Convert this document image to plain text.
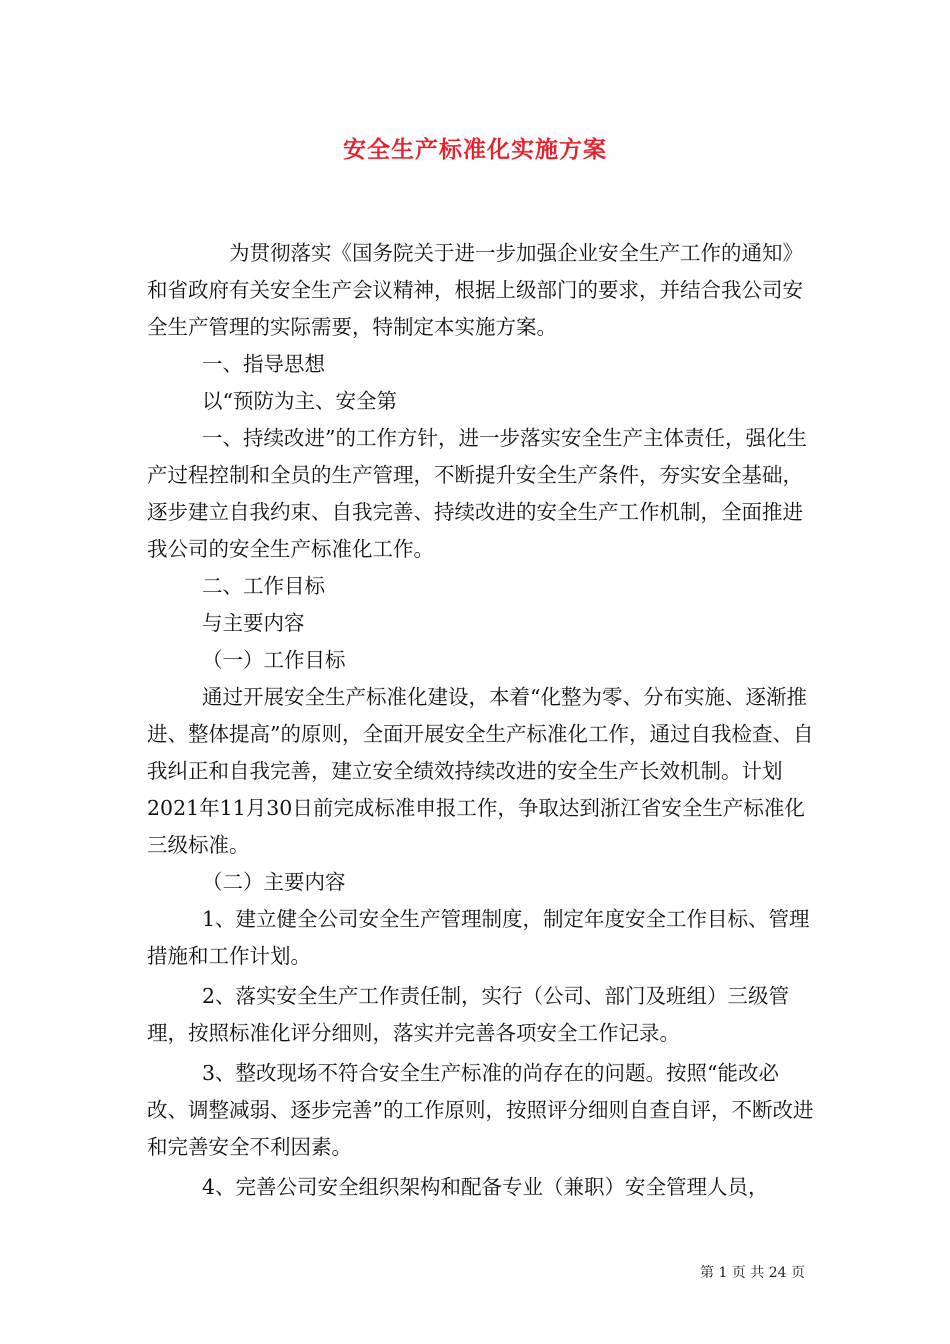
安全生产标准化实施方案

为贯彻落实《国务院关于进一步加强企业安全生产工作的通知》和省政府有关安全生产会议精神，根据上级部门的要求，并结合我公司安全生产管理的实际需要，特制定本实施方案。

一、指导思想

以“预防为主、安全第

一、持续改进”的工作方针，进一步落实安全生产主体责任，强化生产过程控制和全员的生产管理，不断提升安全生产条件，夯实安全基础，逐步建立自我约束、自我完善、持续改进的安全生产工作机制，全面推进我公司的安全生产标准化工作。

二、工作目标

与主要内容

（一）工作目标

通过开展安全生产标准化建设，本着“化整为零、分布实施、逐渐推进、整体提高”的原则，全面开展安全生产标准化工作，通过自我检查、自我纠正和自我完善，建立安全绩效持续改进的安全生产长效机制。计划2021年11月30日前完成标准申报工作，争取达到浙江省安全生产标准化三级标准。

（二）主要内容

1、建立健全公司安全生产管理制度，制定年度安全工作目标、管理措施和工作计划。

2、落实安全生产工作责任制，实行（公司、部门及班组）三级管理，按照标准化评分细则，落实并完善各项安全工作记录。

3、整改现场不符合安全生产标准的尚存在的问题。按照“能改必改、调整减弱、逐步完善”的工作原则，按照评分细则自查自评，不断改进和完善安全不利因素。

4、完善公司安全组织架构和配备专业（兼职）安全管理人员，

第 1 页 共 24 页
